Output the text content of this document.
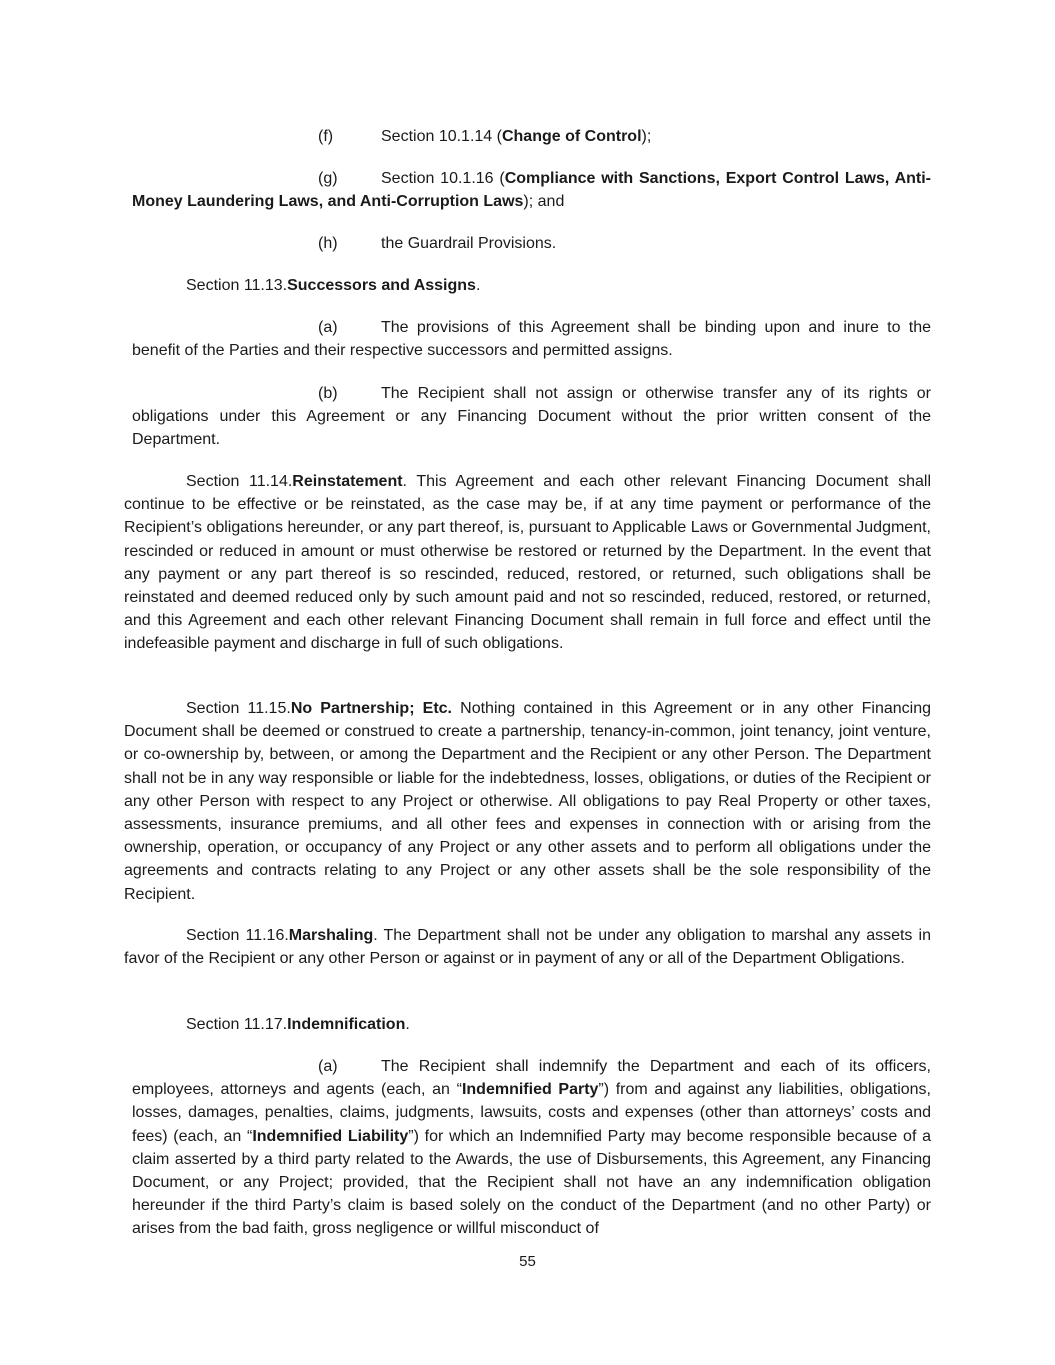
(f)	Section 10.1.14 (Change of Control);

(g)	Section 10.1.16 (Compliance with Sanctions, Export Control Laws, Anti-Money Laundering Laws, and Anti-Corruption Laws); and

(h)	the Guardrail Provisions.

Section 11.13.Successors and Assigns.

(a)	The provisions of this Agreement shall be binding upon and inure to the benefit of the Parties and their respective successors and permitted assigns.

(b)	The Recipient shall not assign or otherwise transfer any of its rights or obligations under this Agreement or any Financing Document without the prior written consent of the Department.

Section 11.14.Reinstatement. This Agreement and each other relevant Financing Document shall continue to be effective or be reinstated, as the case may be, if at any time payment or performance of the Recipient’s obligations hereunder, or any part thereof, is, pursuant to Applicable Laws or Governmental Judgment, rescinded or reduced in amount or must otherwise be restored or returned by the Department. In the event that any payment or any part thereof is so rescinded, reduced, restored, or returned, such obligations shall be reinstated and deemed reduced only by such amount paid and not so rescinded, reduced, restored, or returned, and this Agreement and each other relevant Financing Document shall remain in full force and effect until the indefeasible payment and discharge in full of such obligations.

Section 11.15.No Partnership; Etc. Nothing contained in this Agreement or in any other Financing Document shall be deemed or construed to create a partnership, tenancy-in-common, joint tenancy, joint venture, or co-ownership by, between, or among the Department and the Recipient or any other Person. The Department shall not be in any way responsible or liable for the indebtedness, losses, obligations, or duties of the Recipient or any other Person with respect to any Project or otherwise. All obligations to pay Real Property or other taxes, assessments, insurance premiums, and all other fees and expenses in connection with or arising from the ownership, operation, or occupancy of any Project or any other assets and to perform all obligations under the agreements and contracts relating to any Project or any other assets shall be the sole responsibility of the Recipient.

Section 11.16.Marshaling. The Department shall not be under any obligation to marshal any assets in favor of the Recipient or any other Person or against or in payment of any or all of the Department Obligations.

Section 11.17.Indemnification.

(a)	The Recipient shall indemnify the Department and each of its officers, employees, attorneys and agents (each, an “Indemnified Party”) from and against any liabilities, obligations, losses, damages, penalties, claims, judgments, lawsuits, costs and expenses (other than attorneys’ costs and fees) (each, an “Indemnified Liability”) for which an Indemnified Party may become responsible because of a claim asserted by a third party related to the Awards, the use of Disbursements, this Agreement, any Financing Document, or any Project; provided, that the Recipient shall not have an any indemnification obligation hereunder if the third Party’s claim is based solely on the conduct of the Department (and no other Party) or arises from the bad faith, gross negligence or willful misconduct of

55
